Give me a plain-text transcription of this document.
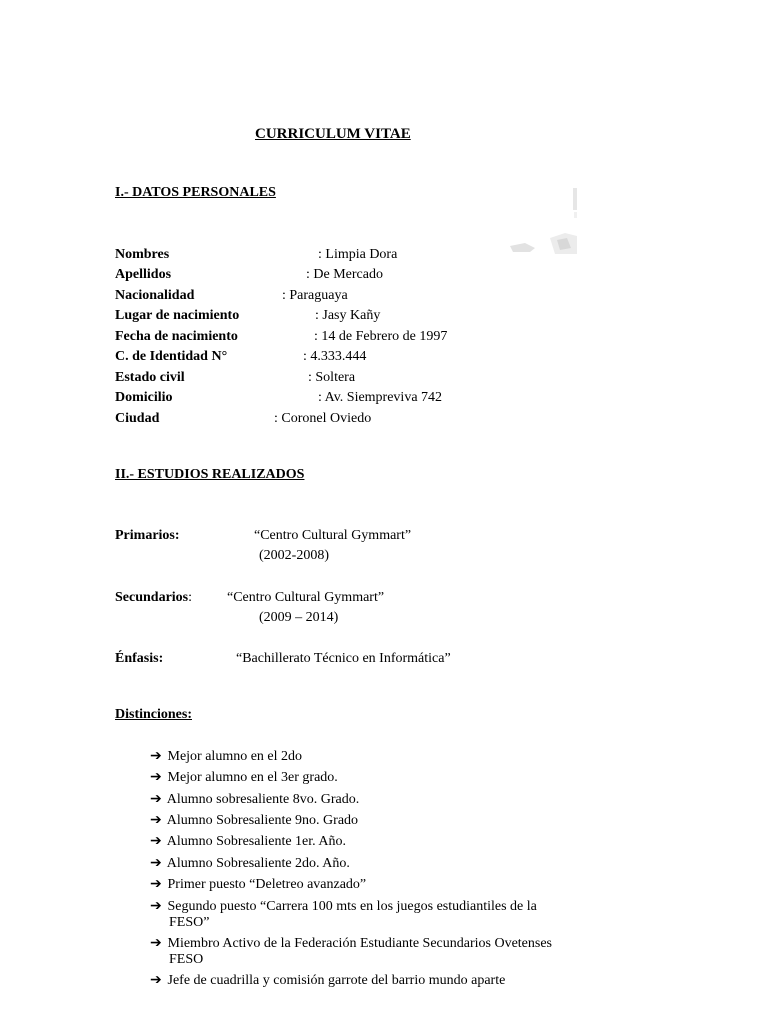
CURRICULUM VITAE
I.- DATOS PERSONALES
Nombres	: Limpia Dora
Apellidos	: De Mercado
Nacionalidad	: Paraguaya
Lugar de nacimiento	: Jasy Kañy
Fecha de nacimiento	: 14 de Febrero de 1997
C. de Identidad N°	: 4.333.444
Estado civil	: Soltera
Domicilio	: Av. Siempreviva 742
Ciudad	: Coronel Oviedo
II.- ESTUDIOS REALIZADOS
Primarios:	“Centro Cultural Gymmart”
(2002-2008)
Secundarios: “Centro Cultural Gymmart”
(2009 – 2014)
Énfasis:	“Bachillerato Técnico en Informática”
Distinciones:
➔ Mejor alumno en el 2do
➔ Mejor alumno en el 3er grado.
➔ Alumno sobresaliente 8vo. Grado.
➔ Alumno Sobresaliente 9no. Grado
➔ Alumno Sobresaliente 1er. Año.
➔ Alumno Sobresaliente 2do. Año.
➔ Primer puesto “Deletreo avanzado”
➔ Segundo puesto “Carrera 100 mts en los juegos estudiantiles de la
FESO”
➔ Miembro Activo de la Federación Estudiante Secundarios Ovetenses
FESO
➔ Jefe de cuadrilla y comisión garrote del barrio mundo aparte
